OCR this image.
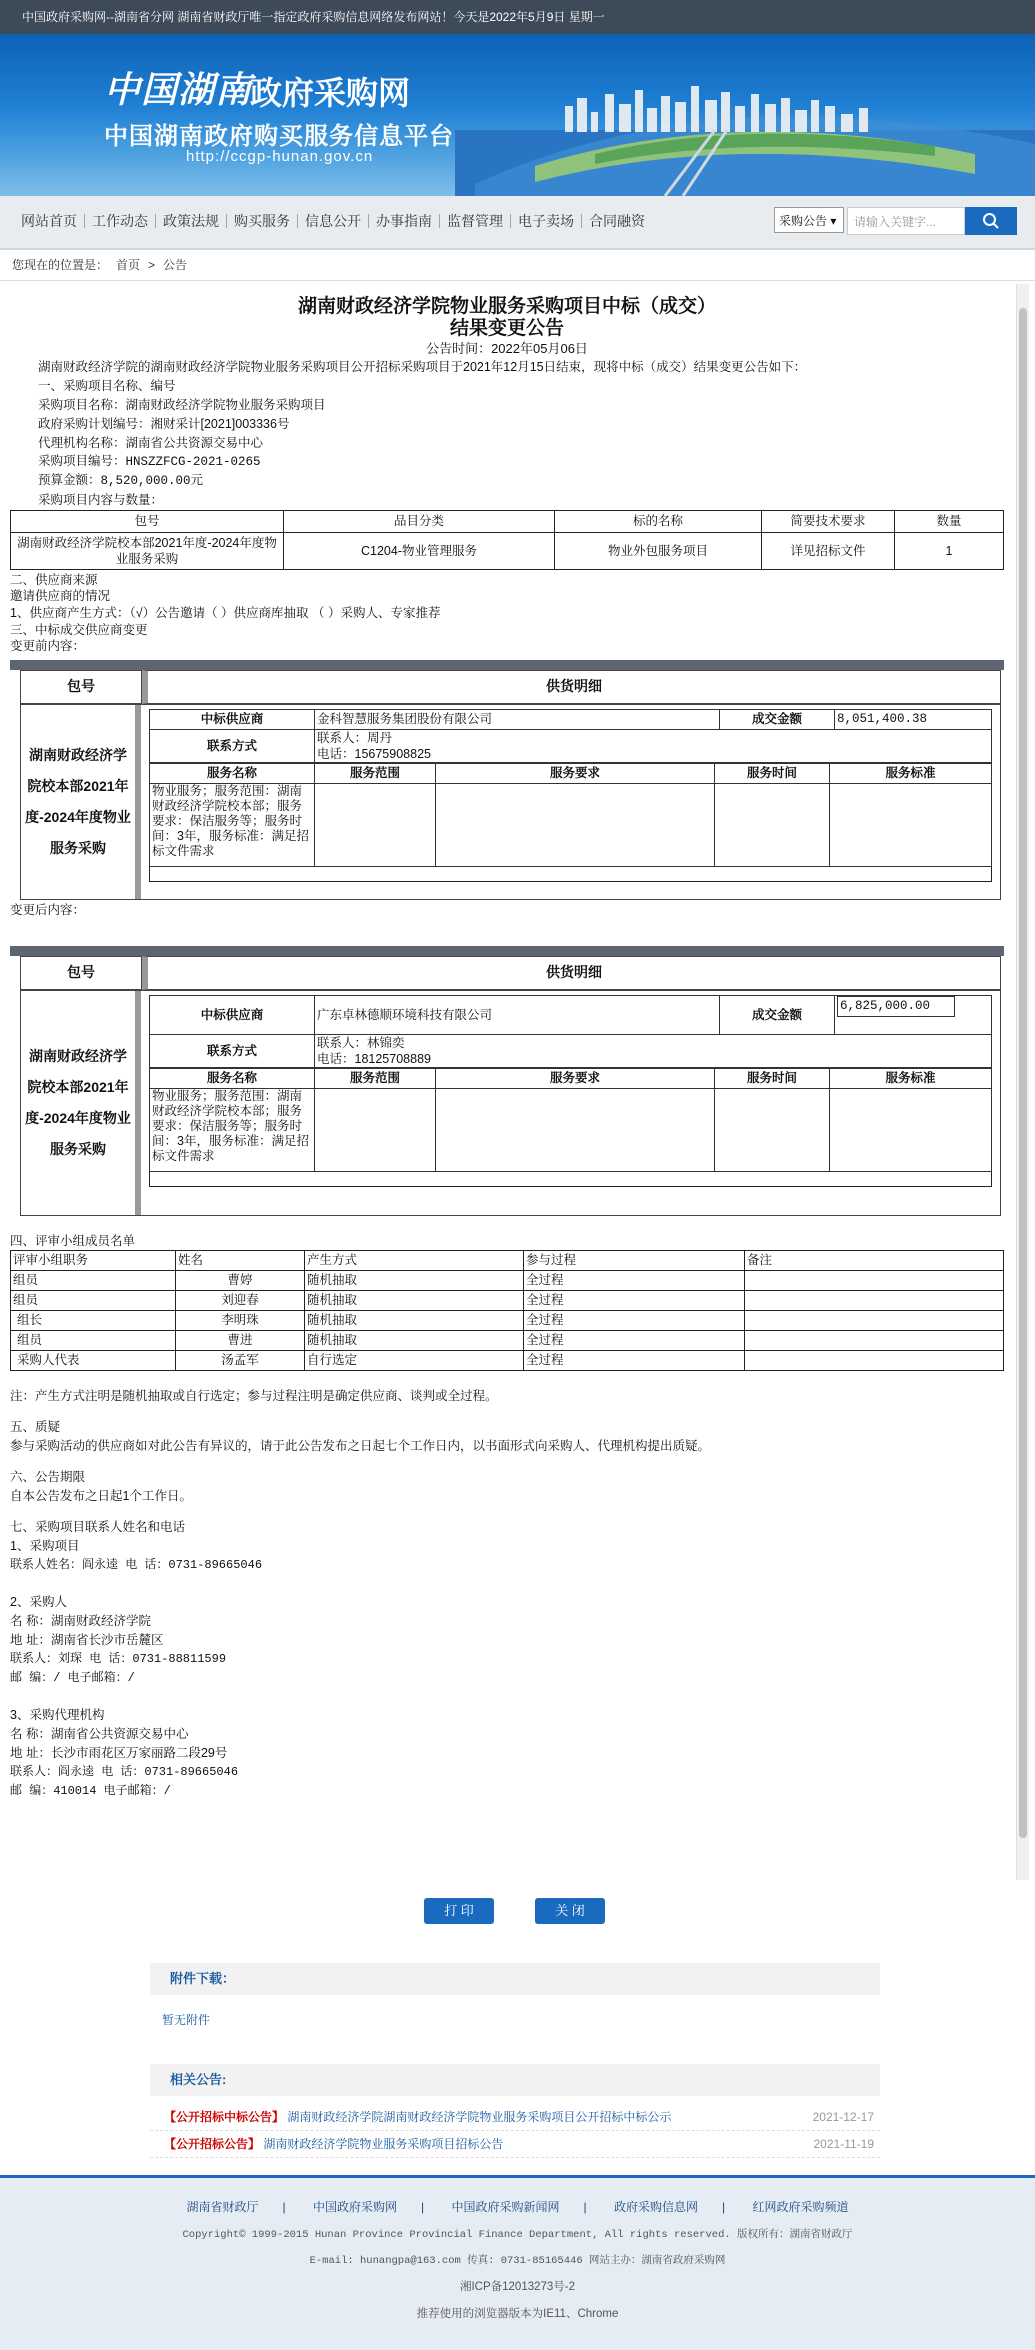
中国政府采购网--湖南省分网 湖南省财政厅唯一指定政府采购信息网络发布网站！今天是2022年5月9日 星期一
中国湖南
政府采购网
中国湖南政府购买服务信息平台
http://ccgp-hunan.gov.cn
网站首页	工作动态	政策法规	购买服务	信息公开	办事指南	监督管理	电子卖场	合同融资	采购公告 ▾	请输入关键字...
您现在的位置是： 首页 > 公告
湖南财政经济学院物业服务采购项目中标（成交）
结果变更公告
公告时间：2022年05月06日
湖南财政经济学院的湖南财政经济学院物业服务采购项目公开招标采购项目于2021年12月15日结束，现将中标（成交）结果变更公告如下：
一、采购项目名称、编号
采购项目名称：湖南财政经济学院物业服务采购项目
政府采购计划编号：湘财采计[2021]003336号
代理机构名称：湖南省公共资源交易中心
采购项目编号：HNSZZFCG-2021-0265
预算金额：8,520,000.00元
采购项目内容与数量：
包号	品目分类	标的名称	简要技术要求	数量
湖南财政经济学院校本部2021年度-2024年度物业服务采购	C1204-物业管理服务	物业外包服务项目	详见招标文件	1
二、供应商来源
邀请供应商的情况
1、供应商产生方式：（√）公告邀请（ ）供应商库抽取 （ ）采购人、专家推荐
三、中标成交供应商变更
变更前内容：
包号	供货明细
湖南财政经济学院校本部2021年度-2024年度物业服务采购
中标供应商	金科智慧服务集团股份有限公司	成交金额	8,051,400.38
联系方式	联系人：周丹
电话：15675908825		
服务名称	服务范围	服务要求	服务时间	服务标准
物业服务；服务范围：湖南财政经济学院校本部；服务要求：保洁服务等；服务时间：3年，服务标准：满足招标文件需求				
变更后内容：
包号	供货明细
湖南财政经济学院校本部2021年度-2024年度物业服务采购
中标供应商	广东卓林德顺环境科技有限公司	成交金额	6,825,000.00
联系方式	联系人：林锦奕
电话：18125708889		
服务名称	服务范围	服务要求	服务时间	服务标准
物业服务；服务范围：湖南财政经济学院校本部；服务要求：保洁服务等；服务时间：3年，服务标准：满足招标文件需求				
四、评审小组成员名单
评审小组职务	姓名	产生方式	参与过程	备注
组员	曹婷	随机抽取	全过程	
组员	刘迎春	随机抽取	全过程	
组长	李明珠	随机抽取	全过程	
组员	曹进	随机抽取	全过程	
采购人代表	汤孟军	自行选定	全过程	
注：产生方式注明是随机抽取或自行选定；参与过程注明是确定供应商、谈判或全过程。
五、质疑
参与采购活动的供应商如对此公告有异议的，请于此公告发布之日起七个工作日内，以书面形式向采购人、代理机构提出质疑。
六、公告期限
自本公告发布之日起1个工作日。
七、采购项目联系人姓名和电话
1、采购项目
联系人姓名：阎永逵 电 话：0731-89665046
2、采购人
名 称：湖南财政经济学院
地 址：湖南省长沙市岳麓区
联系人：刘琛 电 话：0731-88811599
邮 编：/ 电子邮箱：/
3、采购代理机构
名 称：湖南省公共资源交易中心
地 址：长沙市雨花区万家丽路二段29号
联系人：阎永逵 电 话：0731-89665046
邮 编：410014 电子邮箱：/
打 印	关 闭
附件下载：
暂无附件
相关公告:
【公开招标中标公告】 湖南财政经济学院湖南财政经济学院物业服务采购项目公开招标中标公示	2021-12-17
【公开招标公告】 湖南财政经济学院物业服务采购项目招标公告	2021-11-19
湖南省财政厅 | 中国政府采购网 | 中国政府采购新闻网 | 政府采购信息网 | 红网政府采购频道
Copyright© 1999-2015 Hunan Province Provincial Finance Department, All rights reserved. 版权所有：湖南省财政厅
E-mail: hunangpa@163.com 传真: 0731-85165446 网站主办：湖南省政府采购网
湘ICP备12013273号-2
推荐使用的浏览器版本为IE11、Chrome
